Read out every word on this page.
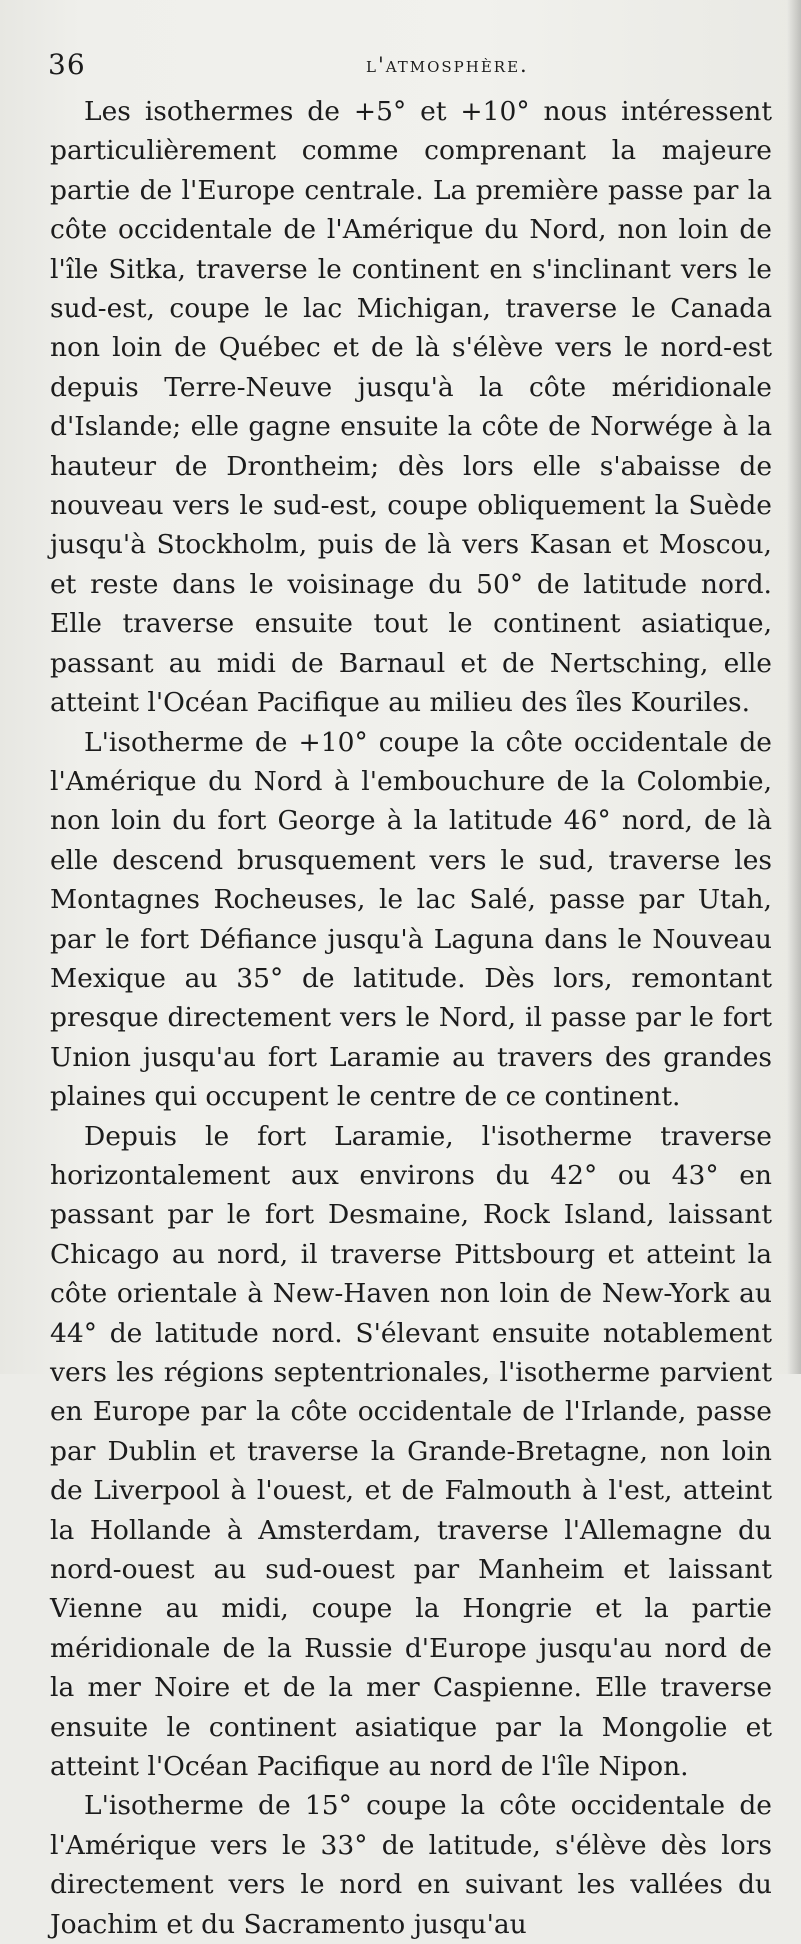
36	l'atmosphère.

Les isothermes de +5° et +10° nous intéressent particulièrement comme comprenant la majeure partie de l'Europe centrale. La première passe par la côte occidentale de l'Amérique du Nord, non loin de l'île Sitka, traverse le continent en s'inclinant vers le sud-est, coupe le lac Michigan, traverse le Canada non loin de Québec et de là s'élève vers le nord-est depuis Terre-Neuve jusqu'à la côte méridionale d'Islande; elle gagne ensuite la côte de Norwége à la hauteur de Drontheim; dès lors elle s'abaisse de nouveau vers le sud-est, coupe obliquement la Suède jusqu'à Stockholm, puis de là vers Kasan et Moscou, et reste dans le voisinage du 50° de latitude nord. Elle traverse ensuite tout le continent asiatique, passant au midi de Barnaul et de Nertsching, elle atteint l'Océan Pacifique au milieu des îles Kouriles.

L'isotherme de +10° coupe la côte occidentale de l'Amérique du Nord à l'embouchure de la Colombie, non loin du fort George à la latitude 46° nord, de là elle descend brusquement vers le sud, traverse les Montagnes Rocheuses, le lac Salé, passe par Utah, par le fort Défiance jusqu'à Laguna dans le Nouveau Mexique au 35° de latitude. Dès lors, remontant presque directement vers le Nord, il passe par le fort Union jusqu'au fort Laramie au travers des grandes plaines qui occupent le centre de ce continent.

Depuis le fort Laramie, l'isotherme traverse horizontalement aux environs du 42° ou 43° en passant par le fort Desmaine, Rock Island, laissant Chicago au nord, il traverse Pittsbourg et atteint la côte orientale à New-Haven non loin de New-York au 44° de latitude nord. S'élevant ensuite notablement vers les régions septentrionales, l'isotherme parvient en Europe par la côte occidentale de l'Irlande, passe par Dublin et traverse la Grande-Bretagne, non loin de Liverpool à l'ouest, et de Falmouth à l'est, atteint la Hollande à Amsterdam, traverse l'Allemagne du nord-ouest au sud-ouest par Manheim et laissant Vienne au midi, coupe la Hongrie et la partie méridionale de la Russie d'Europe jusqu'au nord de la mer Noire et de la mer Caspienne. Elle traverse ensuite le continent asiatique par la Mongolie et atteint l'Océan Pacifique au nord de l'île Nipon.

L'isotherme de 15° coupe la côte occidentale de l'Amérique vers le 33° de latitude, s'élève dès lors directement vers le nord en suivant les vallées du Joachim et du Sacramento jusqu'au
